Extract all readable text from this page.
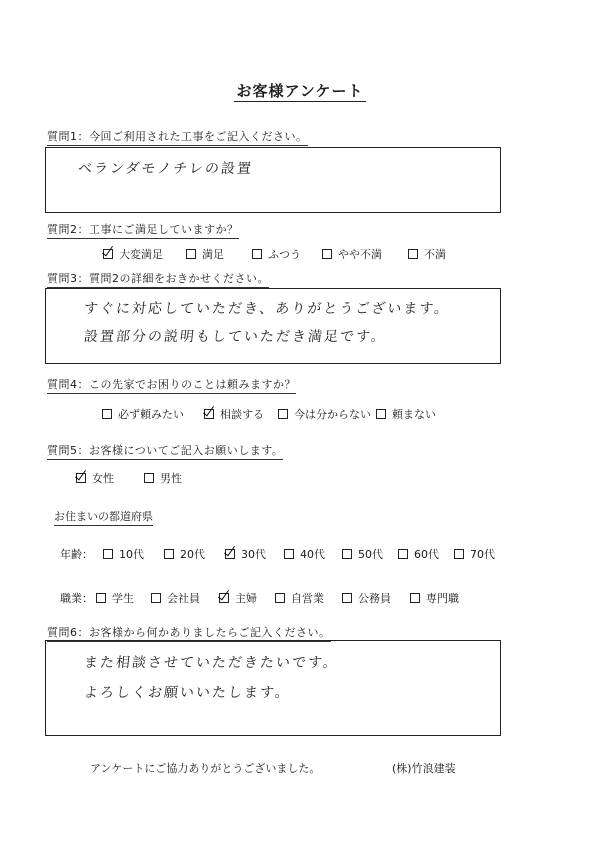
お客様アンケート
質問1：今回ご利用された工事をご記入ください。
ベランダモノチレの設置
質問2：工事にご満足していますか？
大変満足	満足	ふつう	やや不満	不満
質問3：質問2の詳細をおきかせください。
すぐに対応していただき、ありがとうございます。
設置部分の説明もしていただき満足です。
質問4：この先家でお困りのことは頼みますか？
必ず頼みたい	相談する	今は分からない 頼まない
質問5：お客様についてご記入お願いします。
女性	男性
お住まいの都道府県
年齢： 10代	20代	30代	40代	50代	60代	70代
職業： 学生	会社員	主婦	自営業	公務員	専門職
質問6：お客様から何かありましたらご記入ください。
また相談させていただきたいです。
よろしくお願いいたします。
アンケートにご協力ありがとうございました。	(株)竹浪建装
